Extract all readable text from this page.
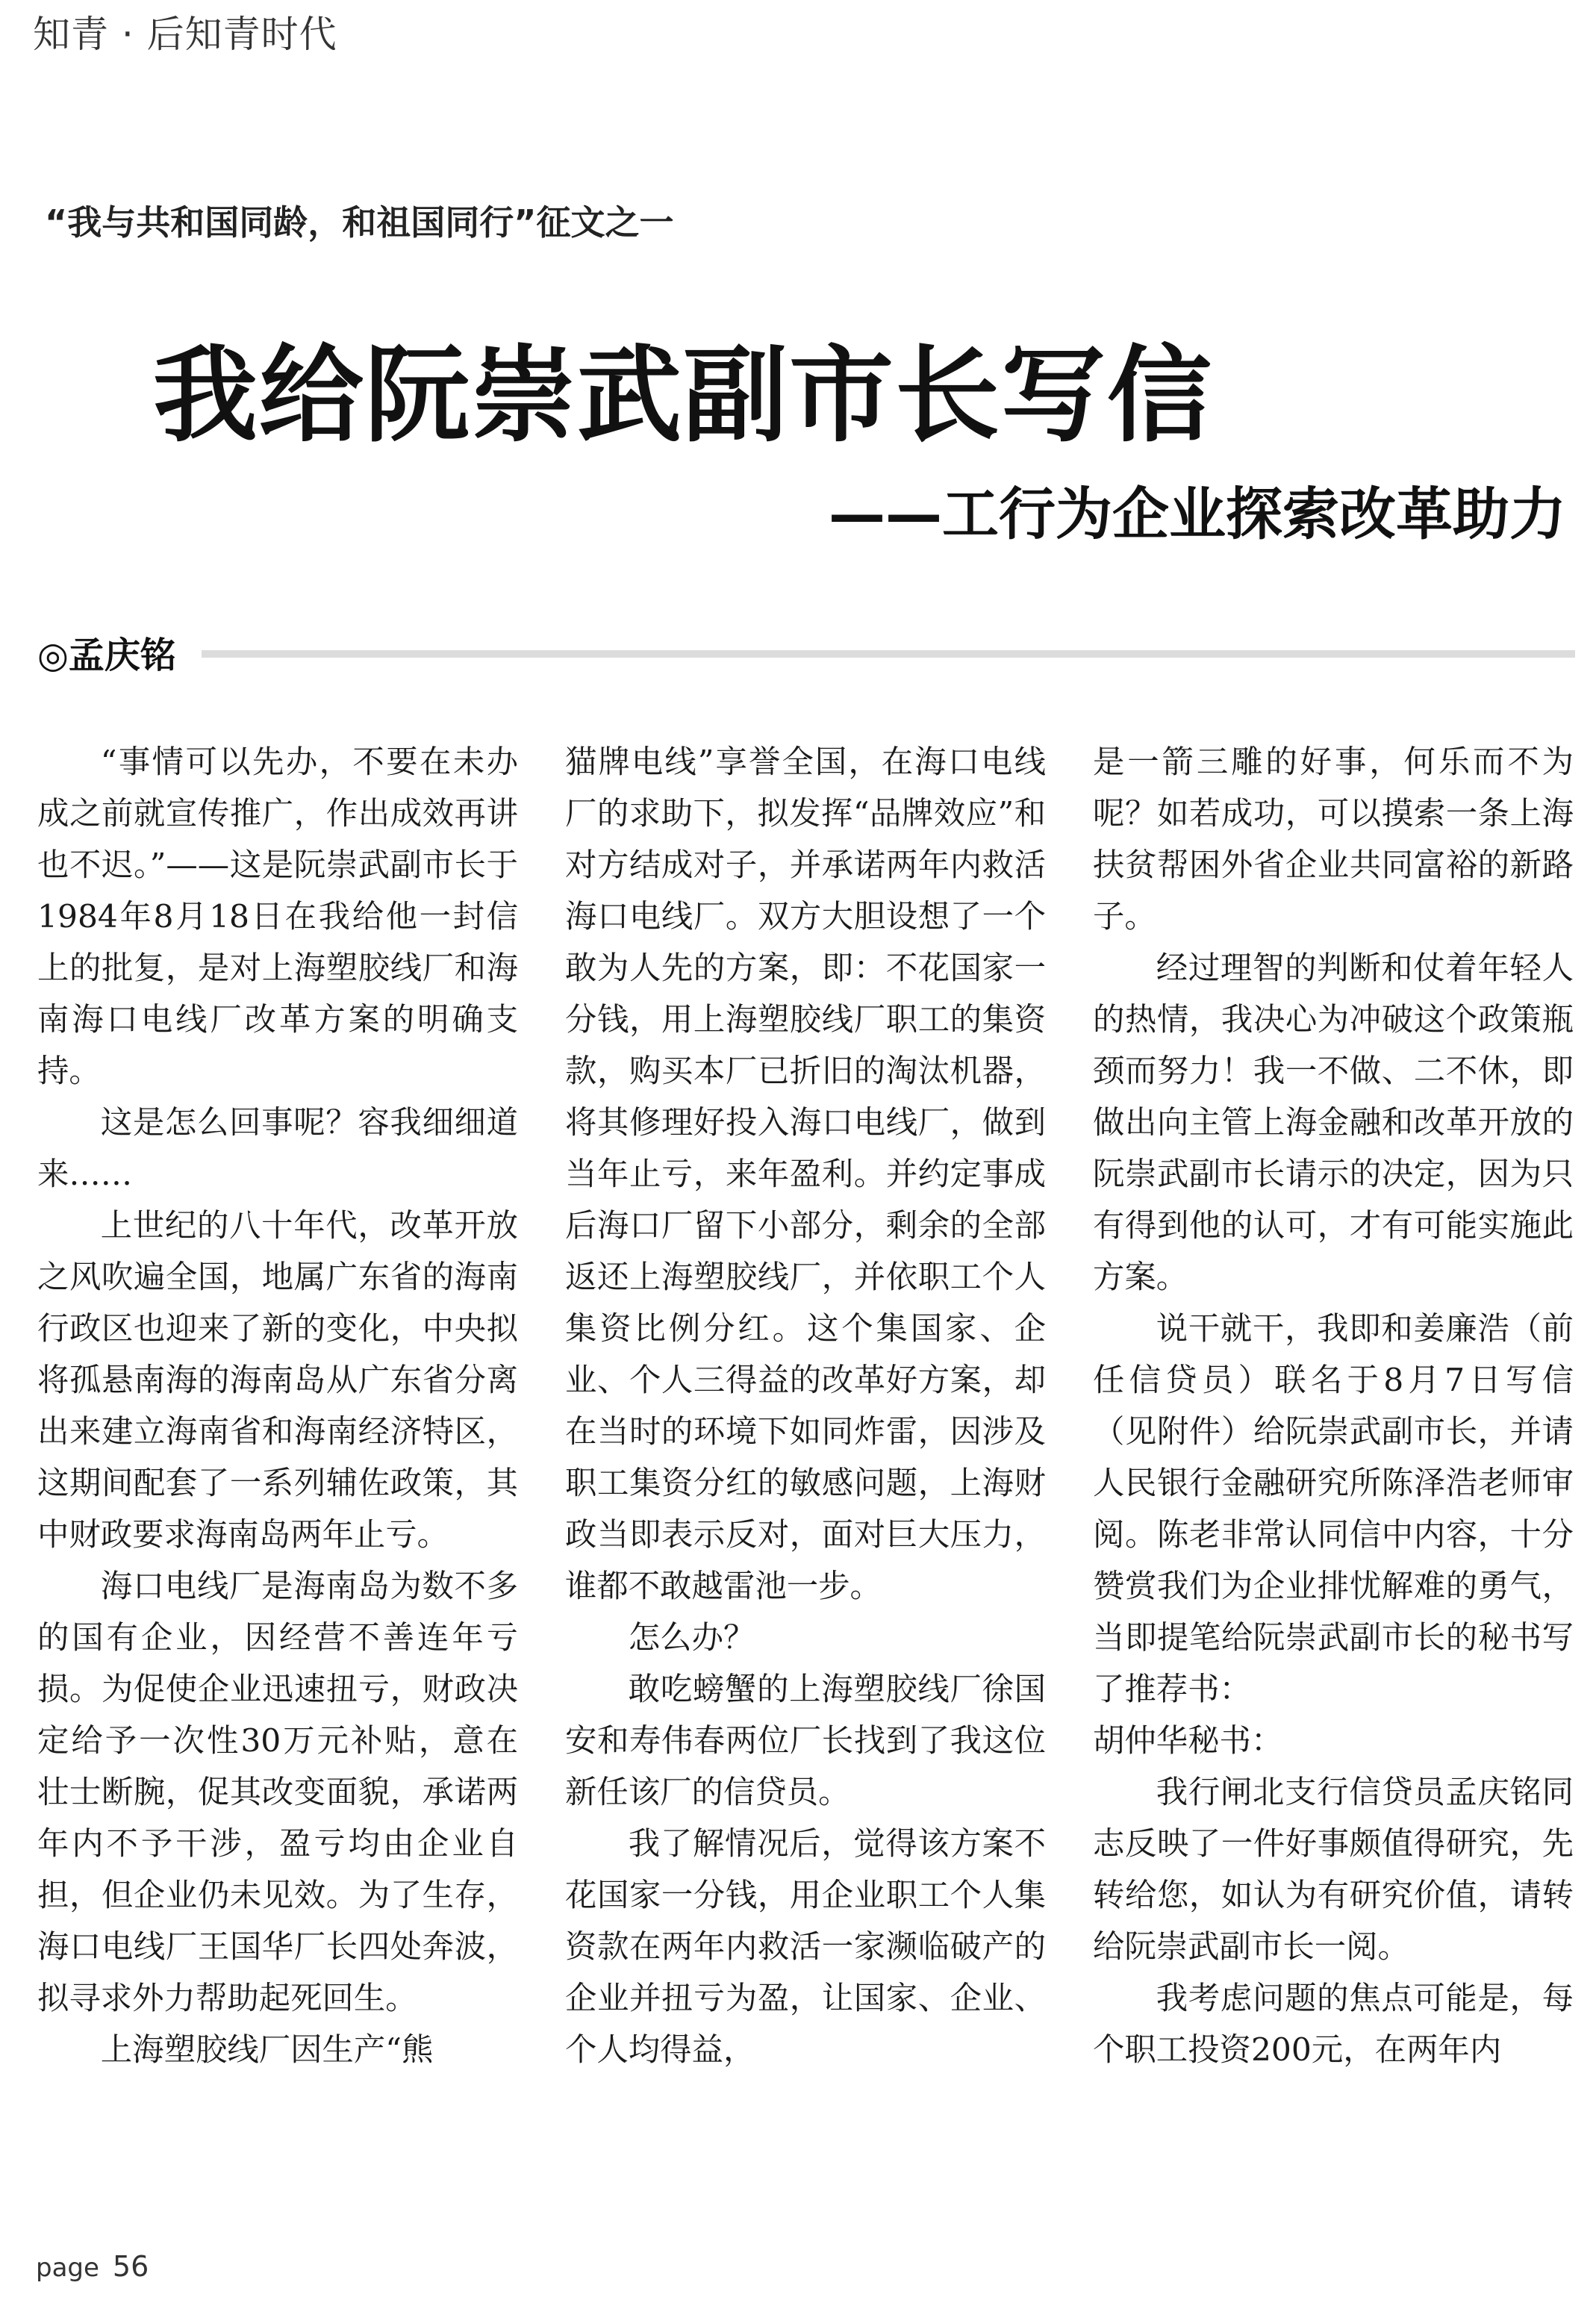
知青 · 后知青时代
“我与共和国同龄，和祖国同行”征文之一
我给阮崇武副市长写信
——工行为企业探索改革助力
◎孟庆铭

“事情可以先办，不要在未办成之前就宣传推广，作出成效再讲也不迟。”——这是阮崇武副市长于1984年8月18日在我给他一封信上的批复，是对上海塑胶线厂和海南海口电线厂改革方案的明确支持。

这是怎么回事呢？容我细细道来……

上世纪的八十年代，改革开放之风吹遍全国，地属广东省的海南行政区也迎来了新的变化，中央拟将孤悬南海的海南岛从广东省分离出来建立海南省和海南经济特区，这期间配套了一系列辅佐政策，其中财政要求海南岛两年止亏。

海口电线厂是海南岛为数不多的国有企业，因经营不善连年亏损。为促使企业迅速扭亏，财政决定给予一次性30万元补贴，意在壮士断腕，促其改变面貌，承诺两年内不予干涉，盈亏均由企业自担，但企业仍未见效。为了生存，海口电线厂王国华厂长四处奔波，拟寻求外力帮助起死回生。

上海塑胶线厂因生产“熊

猫牌电线”享誉全国，在海口电线厂的求助下，拟发挥“品牌效应”和对方结成对子，并承诺两年内救活海口电线厂。双方大胆设想了一个敢为人先的方案，即：不花国家一分钱，用上海塑胶线厂职工的集资款，购买本厂已折旧的淘汰机器，将其修理好投入海口电线厂，做到当年止亏，来年盈利。并约定事成后海口厂留下小部分，剩余的全部返还上海塑胶线厂，并依职工个人集资比例分红。这个集国家、企业、个人三得益的改革好方案，却在当时的环境下如同炸雷，因涉及职工集资分红的敏感问题，上海财政当即表示反对，面对巨大压力，谁都不敢越雷池一步。

怎么办？

敢吃螃蟹的上海塑胶线厂徐国安和寿伟春两位厂长找到了我这位新任该厂的信贷员。

我了解情况后，觉得该方案不花国家一分钱，用企业职工个人集资款在两年内救活一家濒临破产的企业并扭亏为盈，让国家、企业、个人均得益，

是一箭三雕的好事，何乐而不为呢？如若成功，可以摸索一条上海扶贫帮困外省企业共同富裕的新路子。

经过理智的判断和仗着年轻人的热情，我决心为冲破这个政策瓶颈而努力！我一不做、二不休，即做出向主管上海金融和改革开放的阮崇武副市长请示的决定，因为只有得到他的认可，才有可能实施此方案。

说干就干，我即和姜廉浩（前任信贷员）联名于8月7日写信（见附件）给阮崇武副市长，并请人民银行金融研究所陈泽浩老师审阅。陈老非常认同信中内容，十分赞赏我们为企业排忧解难的勇气，当即提笔给阮崇武副市长的秘书写了推荐书：

胡仲华秘书：

我行闸北支行信贷员孟庆铭同志反映了一件好事颇值得研究，先转给您，如认为有研究价值，请转给阮崇武副市长一阅。

我考虑问题的焦点可能是，每个职工投资200元，在两年内

page 56
